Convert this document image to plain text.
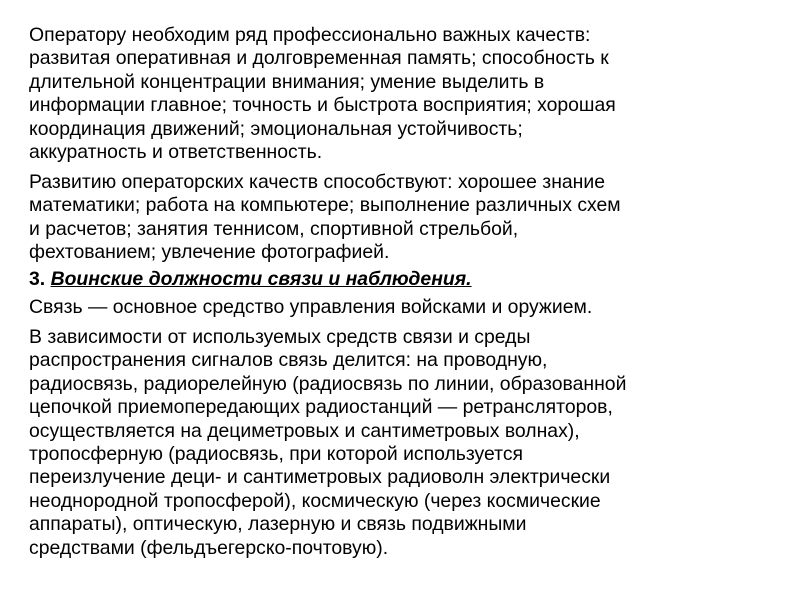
Оператору необходим ряд профессионально важных качеств:
развитая оперативная и долговременная память; способность к
длительной концентрации внимания; умение выделить в
информации главное; точность и быстрота восприятия; хорошая
координация движений; эмоциональная устойчивость;
аккуратность и ответственность.

Развитию операторских качеств способствуют: хорошее знание
математики; работа на компьютере; выполнение различных схем
и расчетов; занятия теннисом, спортивной стрельбой,
фехтованием; увлечение фотографией.

3. Воинские должности связи и наблюдения.

Связь — основное средство управления войсками и оружием.

В зависимости от используемых средств связи и среды
распространения сигналов связь делится: на проводную,
радиосвязь, радиорелейную (радиосвязь по линии, образованной
цепочкой приемопередающих радиостанций — ретрансляторов,
осуществляется на дециметровых и сантиметровых волнах),
тропосферную (радиосвязь, при которой используется
переизлучение деци- и сантиметровых радиоволн электрически
неоднородной тропосферой), космическую (через космические
аппараты), оптическую, лазерную и связь подвижными
средствами (фельдъегерско-почтовую).
